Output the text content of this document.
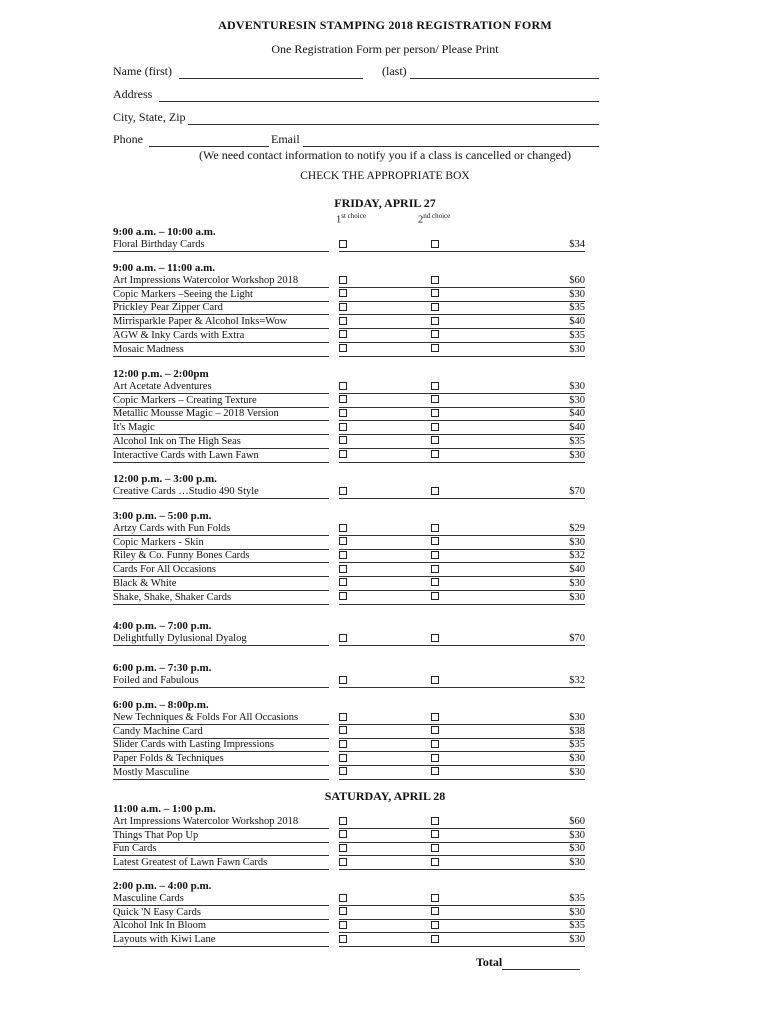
ADVENTURESIN STAMPING 2018 REGISTRATION FORM
One Registration Form per person/ Please Print
Name (first)	(last)
Address
City, State, Zip
Phone	Email
(We need contact information to notify you if a class is cancelled or changed)
CHECK THE APPROPRIATE BOX
$1^{st choice}$	$2^{nd choice}$
FRIDAY, APRIL 27
9:00 a.m. – 10:00 a.m.
Floral Birthday Cards	$34
9:00 a.m. – 11:00 a.m.
Art Impressions Watercolor Workshop 2018	$60
Copic Markers –Seeing the Light	$30
Prickley Pear Zipper Card	$35
Mirrisparkle Paper & Alcohol Inks=Wow	$40
AGW & Inky Cards with Extra	$35
Mosaic Madness	$30
12:00 p.m. – 2:00pm
Art Acetate Adventures	$30
Copic Markers – Creating Texture	$30
Metallic Mousse Magic – 2018 Version	$40
It's Magic	$40
Alcohol Ink on The High Seas	$35
Interactive Cards with Lawn Fawn	$30
12:00 p.m. – 3:00 p.m.
Creative Cards …Studio 490 Style	$70
3:00 p.m. – 5:00 p.m.
Artzy Cards with Fun Folds	$29
Copic Markers - Skin	$30
Riley & Co. Funny Bones Cards	$32
Cards For All Occasions	$40
Black & White	$30
Shake, Shake, Shaker Cards	$30
4:00 p.m. – 7:00 p.m.
Delightfully Dylusional Dyalog	$70
6:00 p.m. – 7:30 p.m.
Foiled and Fabulous	$32
6:00 p.m. – 8:00p.m.
New Techniques & Folds For All Occasions	$30
Candy Machine Card	$38
Slider Cards with Lasting Impressions	$35
Paper Folds & Techniques	$30
Mostly Masculine	$30
SATURDAY, APRIL 28
11:00 a.m. – 1:00 p.m.
Art Impressions Watercolor Workshop 2018	$60
Things That Pop Up	$30
Fun Cards	$30
Latest Greatest of Lawn Fawn Cards	$30
2:00 p.m. – 4:00 p.m.
Masculine Cards	$35
Quick 'N Easy Cards	$30
Alcohol Ink In Bloom	$35
Layouts with Kiwi Lane	$30
Total
